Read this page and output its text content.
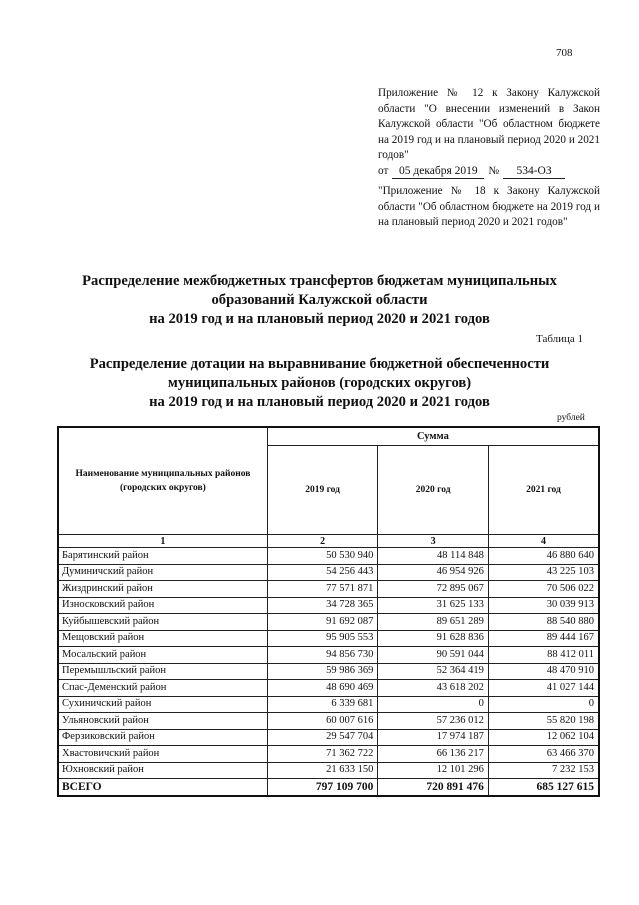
708
Приложение № 12 к Закону Калужской области "О внесении изменений в Закон Калужской области "Об областном бюджете на 2019 год и на плановый период 2020 и 2021 годов"
от 05 декабря 2019 №	534-ОЗ
"Приложение № 18 к Закону Калужской области "Об областном бюджете на 2019 год и на плановый период 2020 и 2021 годов"
Распределение межбюджетных трансфертов бюджетам муниципальных
образований Калужской области
на 2019 год и на плановый период 2020 и 2021 годов
Таблица 1
Распределение дотации на выравнивание бюджетной обеспеченности
муниципальных районов (городских округов)
на 2019 год и на плановый период 2020 и 2021 годов
рублей
Наименование муниципальных районов (городских округов)	Сумма		
	2019 год	2020 год	2021 год
1	2	3	4
Барятинский район	50 530 940	48 114 848	46 880 640
Думиничский район	54 256 443	46 954 926	43 225 103
Жиздринский район	77 571 871	72 895 067	70 506 022
Износковский район	34 728 365	31 625 133	30 039 913
Куйбышевский район	91 692 087	89 651 289	88 540 880
Мещовский район	95 905 553	91 628 836	89 444 167
Мосальский район	94 856 730	90 591 044	88 412 011
Перемышльский район	59 986 369	52 364 419	48 470 910
Спас-Деменский район	48 690 469	43 618 202	41 027 144
Сухиничский район	6 339 681	0	0
Ульяновский район	60 007 616	57 236 012	55 820 198
Ферзиковский район	29 547 704	17 974 187	12 062 104
Хвастовичский район	71 362 722	66 136 217	63 466 370
Юхновский район	21 633 150	12 101 296	7 232 153
ВСЕГО	797 109 700	720 891 476	685 127 615
